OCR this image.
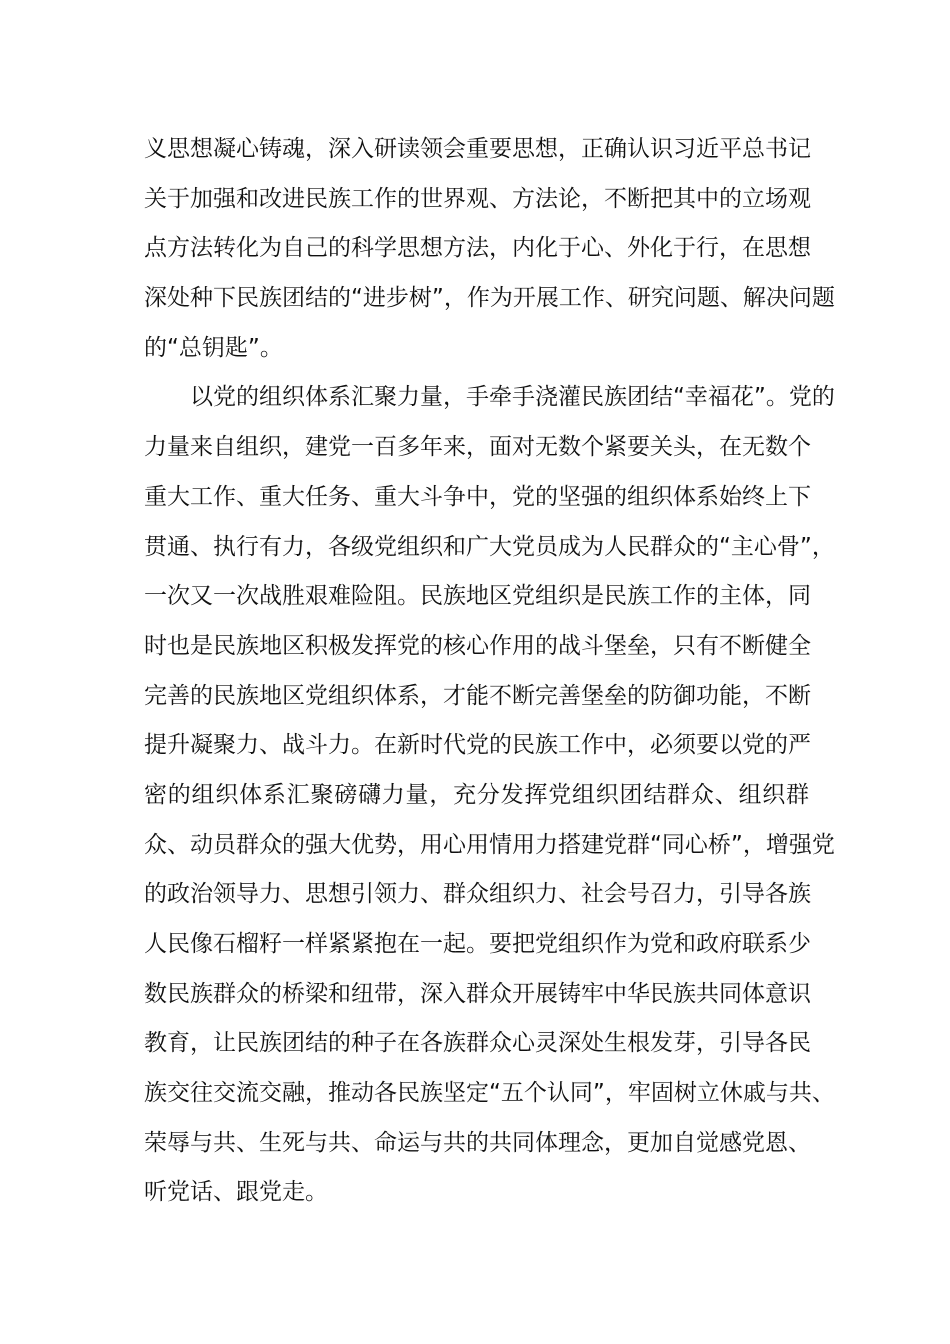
义思想凝心铸魂，深入研读领会重要思想，正确认识习近平总书记
关于加强和改进民族工作的世界观、方法论，不断把其中的立场观
点方法转化为自己的科学思想方法，内化于心、外化于行，在思想
深处种下民族团结的“进步树”，作为开展工作、研究问题、解决问题
的“总钥匙”。
以党的组织体系汇聚力量，手牵手浇灌民族团结“幸福花”。党的
力量来自组织，建党一百多年来，面对无数个紧要关头，在无数个
重大工作、重大任务、重大斗争中，党的坚强的组织体系始终上下
贯通、执行有力，各级党组织和广大党员成为人民群众的“主心骨”，
一次又一次战胜艰难险阻。民族地区党组织是民族工作的主体，同
时也是民族地区积极发挥党的核心作用的战斗堡垒，只有不断健全
完善的民族地区党组织体系，才能不断完善堡垒的防御功能，不断
提升凝聚力、战斗力。在新时代党的民族工作中，必须要以党的严
密的组织体系汇聚磅礴力量，充分发挥党组织团结群众、组织群
众、动员群众的强大优势，用心用情用力搭建党群“同心桥”，增强党
的政治领导力、思想引领力、群众组织力、社会号召力，引导各族
人民像石榴籽一样紧紧抱在一起。要把党组织作为党和政府联系少
数民族群众的桥梁和纽带，深入群众开展铸牢中华民族共同体意识
教育，让民族团结的种子在各族群众心灵深处生根发芽，引导各民
族交往交流交融，推动各民族坚定“五个认同”，牢固树立休戚与共、
荣辱与共、生死与共、命运与共的共同体理念，更加自觉感党恩、
听党话、跟党走。
